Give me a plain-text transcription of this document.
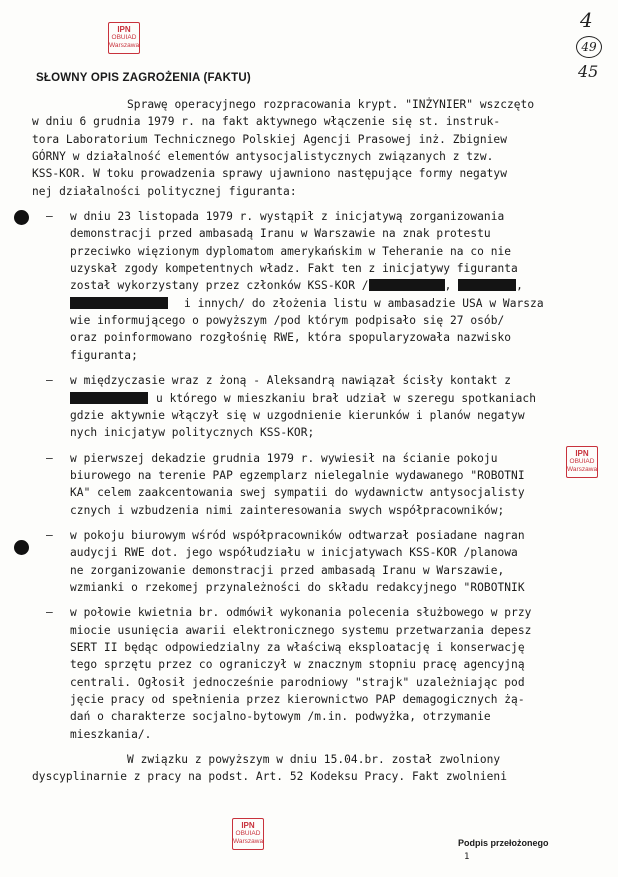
IPN
OBUIAD
Warszawa
IPN
OBUIAD
Warszawa
IPN
OBUIAD
Warszawa
4
49
45
SŁOWNY OPIS ZAGROŻENIA (FAKTU)
Sprawę operacyjnego rozpracowania krypt. "INŻYNIER" wszczęto
w dniu 6 grudnia 1979 r. na fakt aktywnego włączenie się st. instruk-
tora Laboratorium Technicznego Polskiej Agencji Prasowej inż. Zbigniew
GÓRNY w działalność elementów antysocjalistycznych związanych z tzw.
KSS-KOR. W toku prowadzenia sprawy ujawniono następujące formy negatyw
nej działalności politycznej figuranta:
– w dniu 23 listopada 1979 r. wystąpił z inicjatywą zorganizowania
demonstracji przed ambasadą Iranu w Warszawie na znak protestu
przeciwko więzionym dyplomatom amerykańskim w Teheranie na co nie
uzyskał zgody kompetentnych władz. Fakt ten z inicjatywy figuranta
został wykorzystany przez członków KSS-KOR /	,	,
i innych/ do złożenia listu w ambasadzie USA w Warsza
wie informującego o powyższym /pod którym podpisało się 27 osób/
oraz poinformowano rozgłośnię RWE, która spopularyzowała nazwisko
figuranta;
– w międzyczasie wraz z żoną - Aleksandrą nawiązał ścisły kontakt z
u którego w mieszkaniu brał udział w szeregu spotkaniach
gdzie aktywnie włączył się w uzgodnienie kierunków i planów negatyw
nych inicjatyw politycznych KSS-KOR;
– w pierwszej dekadzie grudnia 1979 r. wywiesił na ścianie pokoju
biurowego na terenie PAP egzemplarz nielegalnie wydawanego "ROBOTNI
KA" celem zaakcentowania swej sympatii do wydawnictw antysocjalisty
cznych i wzbudzenia nimi zainteresowania swych współpracowników;
– w pokoju biurowym wśród współpracowników odtwarzał posiadane nagran
audycji RWE dot. jego współudziału w inicjatywach KSS-KOR /planowa
ne zorganizowanie demonstracji przed ambasadą Iranu w Warszawie,
wzmianki o rzekomej przynależności do składu redakcyjnego "ROBOTNIK
– w połowie kwietnia br. odmówił wykonania polecenia służbowego w przy
miocie usunięcia awarii elektronicznego systemu przetwarzania depesz
SERT II będąc odpowiedzialny za właściwą eksploatację i konserwację
tego sprzętu przez co ograniczył w znacznym stopniu pracę agencyjną
centrali. Ogłosił jednocześnie parodniowy "strajk" uzależniając pod
jęcie pracy od spełnienia przez kierownictwo PAP demagogicznych żą-
dań o charakterze socjalno-bytowym /m.in. podwyżka, otrzymanie
mieszkania/.
W związku z powyższym w dniu 15.04.br. został zwolniony
dyscyplinarnie z pracy na podst. Art. 52 Kodeksu Pracy. Fakt zwolnieni
Podpis przełożonego
1
